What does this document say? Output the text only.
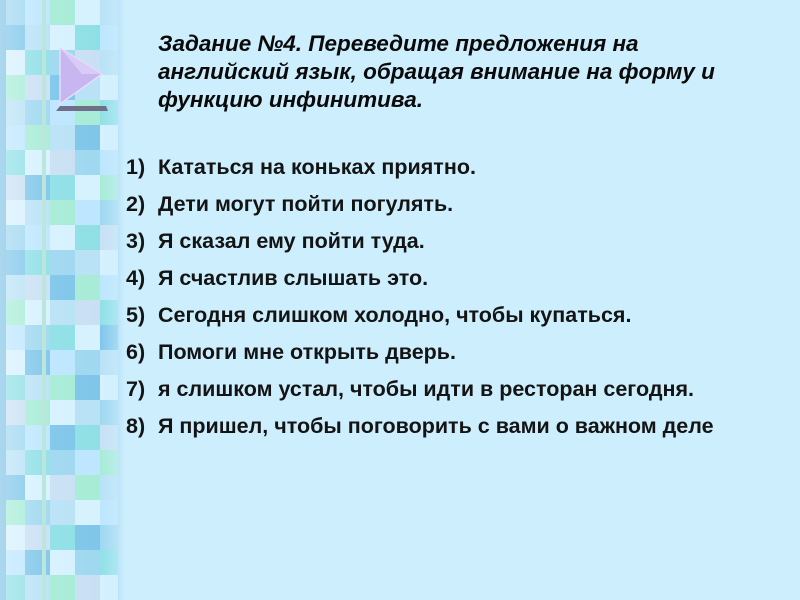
Задание №4. Переведите предложения на английский язык, обращая внимание на форму и функцию инфинитива.

1) Кататься на коньках приятно.
2) Дети могут пойти погулять.
3) Я сказал ему пойти туда.
4) Я счастлив слышать это.
5) Сегодня слишком холодно, чтобы купаться.
6) Помоги мне открыть дверь.
7) я слишком устал, чтобы идти в ресторан сегодня.
8) Я пришел, чтобы поговорить с вами о важном деле
